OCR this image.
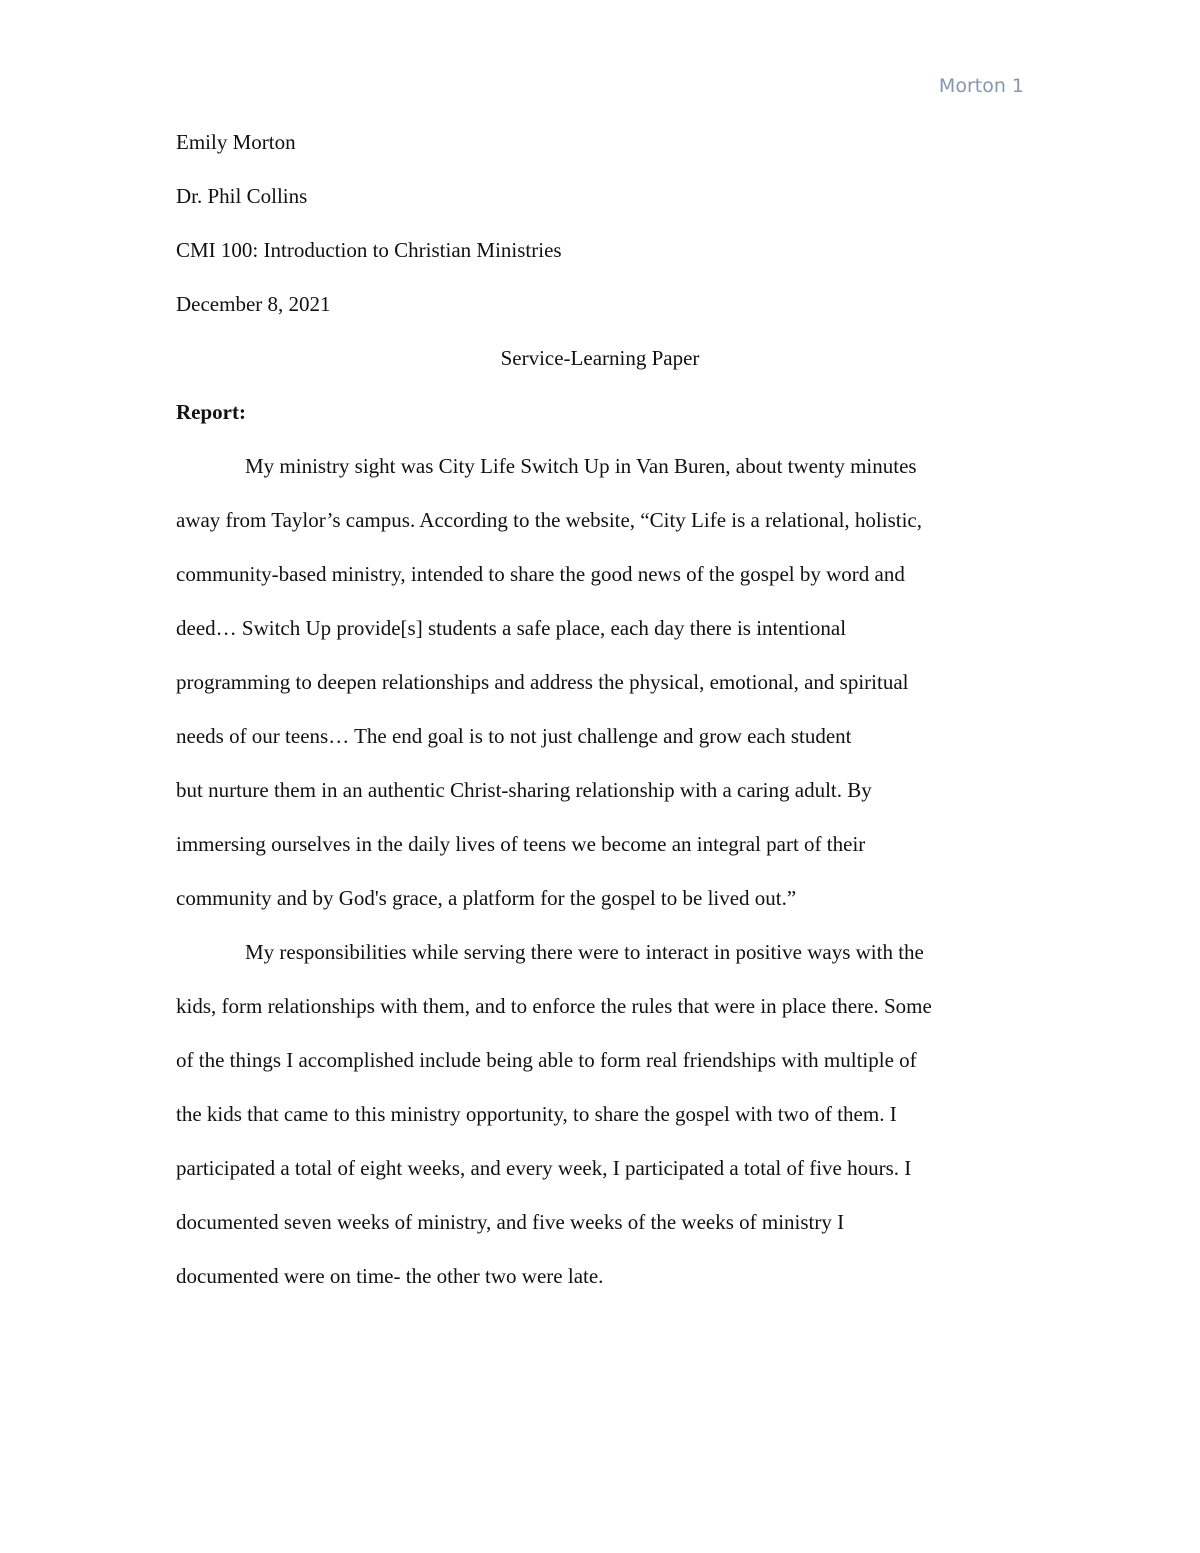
Morton 1

Emily Morton

Dr. Phil Collins

CMI 100: Introduction to Christian Ministries

December 8, 2021

Service-Learning Paper

Report:

My ministry sight was City Life Switch Up in Van Buren, about twenty minutes

away from Taylor’s campus. According to the website, “City Life is a relational, holistic,

community-based ministry, intended to share the good news of the gospel by word and

deed… Switch Up provide[s] students a safe place, each day there is intentional

programming to deepen relationships and address the physical, emotional, and spiritual

needs of our teens… The end goal is to not just challenge and grow each student

but nurture them in an authentic Christ-sharing relationship with a caring adult. By

immersing ourselves in the daily lives of teens we become an integral part of their

community and by God's grace, a platform for the gospel to be lived out.”

My responsibilities while serving there were to interact in positive ways with the

kids, form relationships with them, and to enforce the rules that were in place there. Some

of the things I accomplished include being able to form real friendships with multiple of

the kids that came to this ministry opportunity, to share the gospel with two of them. I

participated a total of eight weeks, and every week, I participated a total of five hours. I

documented seven weeks of ministry, and five weeks of the weeks of ministry I

documented were on time- the other two were late.
